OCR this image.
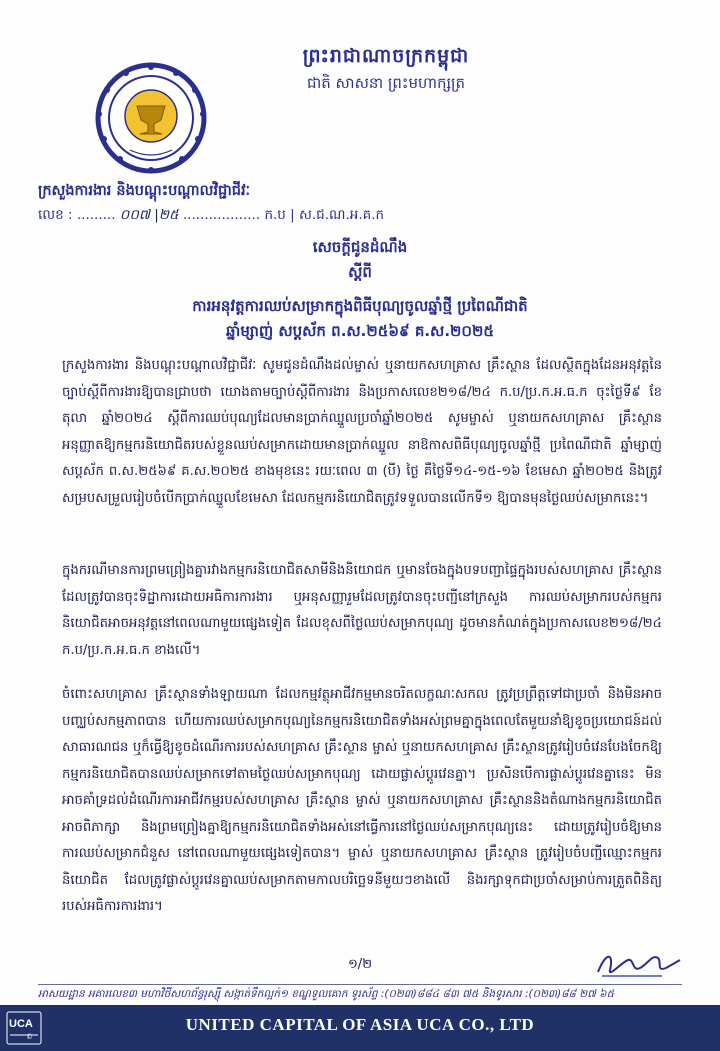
ព្រះរាជាណាចក្រកម្ពុជា
ជាតិ សាសនា ព្រះមហាក្សត្រ
ក្រសួងការងារ និងបណ្តុះបណ្តាលវិជ្ជាជីវៈ
លេខ : ......... ០០៧ |២៥ .................. ក.ប | ស.ជ.ណ.អ.គ.ក
សេចក្តីជូនដំណឹង
ស្តីពី
ការអនុវត្តការឈប់សម្រាកក្នុងពិធីបុណ្យចូលឆ្នាំថ្មី ប្រពៃណីជាតិ
ឆ្នាំម្សាញ់ សប្តស័ក ព.ស.២៥៦៩ គ.ស.២០២៥

ក្រសួងការងារ និងបណ្តុះបណ្តាលវិជ្ជាជីវៈ សូមជូនដំណឹងដល់ម្ចាស់ ឬនាយកសហគ្រាស គ្រឹះស្ថាន ដែលស្ថិតក្នុងដែនអនុវត្តនៃច្បាប់ស្តីពីការងារឱ្យបានជ្រាបថា យោងតាមច្បាប់ស្តីពីការងារ និងប្រកាសលេខ២១៨/២៤ ក.ប/ប្រ.ក.អ.ធ.ក ចុះថ្ងៃទី៩ ខែតុលា ឆ្នាំ២០២៤ ស្តីពីការឈប់បុណ្យដែលមានប្រាក់ឈ្នួលប្រចាំឆ្នាំ២០២៥ សូមម្ចាស់ ឬនាយកសហគ្រាស គ្រឹះស្ថានអនុញ្ញាតឱ្យកម្មករនិយោជិតរបស់ខ្លួនឈប់សម្រាកដោយមានប្រាក់ឈ្នួល នាឱកាសពិធីបុណ្យចូលឆ្នាំថ្មី ប្រពៃណីជាតិ ឆ្នាំម្សាញ់ សប្តស័ក ព.ស.២៥៦៩ គ.ស.២០២៥ ខាងមុខនេះ រយៈពេល ៣ (បី) ថ្ងៃ គឺថ្ងៃទី១៤-១៥-១៦ ខែមេសា ឆ្នាំ២០២៥ និងត្រូវសម្របសម្រួលរៀបចំបើកប្រាក់ឈ្នួលខែមេសា ដែលកម្មករនិយោជិតត្រូវទទួលបានលើកទី១ ឱ្យបានមុនថ្ងៃឈប់សម្រាកនេះ។

ក្នុងករណីមានការព្រមព្រៀងគ្នារវាងកម្មករនិយោជិតសាមីនិងនិយោជក ឬមានចែងក្នុងបទបញ្ជាផ្ទៃក្នុងរបស់សហគ្រាស គ្រឹះស្ថានដែលត្រូវបានចុះទិដ្ឋាការដោយអធិការការងារ ឬអនុសញ្ញារួមដែលត្រូវបានចុះបញ្ជីនៅក្រសួង ការឈប់សម្រាករបស់កម្មករនិយោជិតអាចអនុវត្តនៅពេលណាមួយផ្សេងទៀត ដែលខុសពីថ្ងៃឈប់សម្រាកបុណ្យ ដូចមានកំណត់ក្នុងប្រកាសលេខ២១៨/២៤ ក.ប/ប្រ.ក.អ.ធ.ក ខាងលើ។

ចំពោះសហគ្រាស គ្រឹះស្ថានទាំងឡាយណា ដែលកម្មវត្ថុអាជីវកម្មមានចរិតលក្ខណៈសកល ត្រូវប្រព្រឹត្តទៅជាប្រចាំ និងមិនអាចបញ្ឈប់សកម្មភាពបាន ហើយការឈប់សម្រាកបុណ្យនៃកម្មករនិយោជិតទាំងអស់ព្រមគ្នាក្នុងពេលតែមួយនាំឱ្យខូចប្រយោជន៍ដល់សាធារណជន ឬក៏ធ្វើឱ្យខូចដំណើរការរបស់សហគ្រាស គ្រឹះស្ថាន ម្ចាស់ ឬនាយកសហគ្រាស គ្រឹះស្ថានត្រូវរៀបចំវេនបែងចែកឱ្យកម្មករនិយោជិតបានឈប់សម្រាកទៅតាមថ្ងៃឈប់សម្រាកបុណ្យ ដោយផ្លាស់ប្តូរវេនគ្នា។ ប្រសិនបើការផ្លាស់ប្តូរវេនគ្នានេះ មិនអាចគាំទ្រដល់ដំណើរការអាជីវកម្មរបស់សហគ្រាស គ្រឹះស្ថាន ម្ចាស់ ឬនាយកសហគ្រាស គ្រឹះស្ថាននិងតំណាងកម្មករនិយោជិតអាចពិភាក្សា និងព្រមព្រៀងគ្នាឱ្យកម្មករនិយោជិតទាំងអស់នៅធ្វើការនៅថ្ងៃឈប់សម្រាកបុណ្យនេះ ដោយត្រូវរៀបចំឱ្យមានការឈប់សម្រាកជំនួស នៅពេលណាមួយផ្សេងទៀតបាន។ ម្ចាស់ ឬនាយកសហគ្រាស គ្រឹះស្ថាន ត្រូវរៀបចំបញ្ជីឈ្មោះកម្មករនិយោជិត ដែលត្រូវផ្លាស់ប្តូរវេនគ្នាឈប់សម្រាកតាមកាលបរិច្ឆេទនីមួយៗខាងលើ និងរក្សាទុកជាប្រចាំសម្រាប់ការត្រួតពិនិត្យរបស់អធិការការងារ។

១/២
អាសយដ្ឋាន អគារលេខ៣ មហាវិថីសហព័ន្ធរុស្ស៊ី សង្កាត់ទឹកល្អក់១ ខណ្ឌទួលគោក ទូរស័ព្ទ :(០២៣)៨៨៤ ៨៣ ៧៥ និងទូរសារ :(០២៣)៨៨ ២៧ ៦៥
UCA
©
UNITED CAPITAL OF ASIA UCA CO., LTD
